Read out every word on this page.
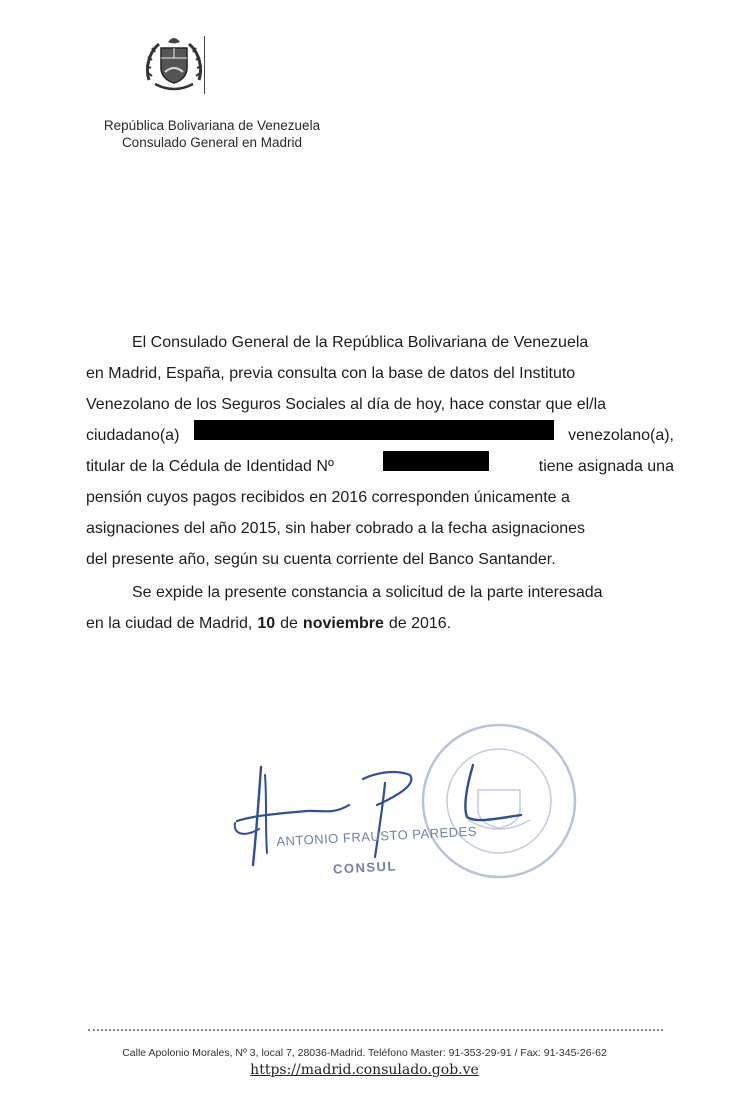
República Bolivariana de Venezuela
Consulado General en Madrid
El Consulado General de la República Bolivariana de Venezuela
en Madrid, España, previa consulta con la base de datos del Instituto
Venezolano de los Seguros Sociales al día de hoy, hace constar que el/la
ciudadano(a)	venezolano(a),
titular de la Cédula de Identidad Nº	tiene asignada una
pensión cuyos pagos recibidos en 2016 corresponden únicamente a
asignaciones del año 2015, sin haber cobrado a la fecha asignaciones
del presente año, según su cuenta corriente del Banco Santander.
Se expide la presente constancia a solicitud de la parte interesada
en la ciudad de Madrid, 10 de noviembre de 2016.
ANTONIO FRAUSTO PAREDES
CONSUL
Calle Apolonio Morales, Nº 3, local 7, 28036-Madrid. Teléfono Master: 91-353-29-91 / Fax: 91-345-26-62
https://madrid.consulado.gob.ve
